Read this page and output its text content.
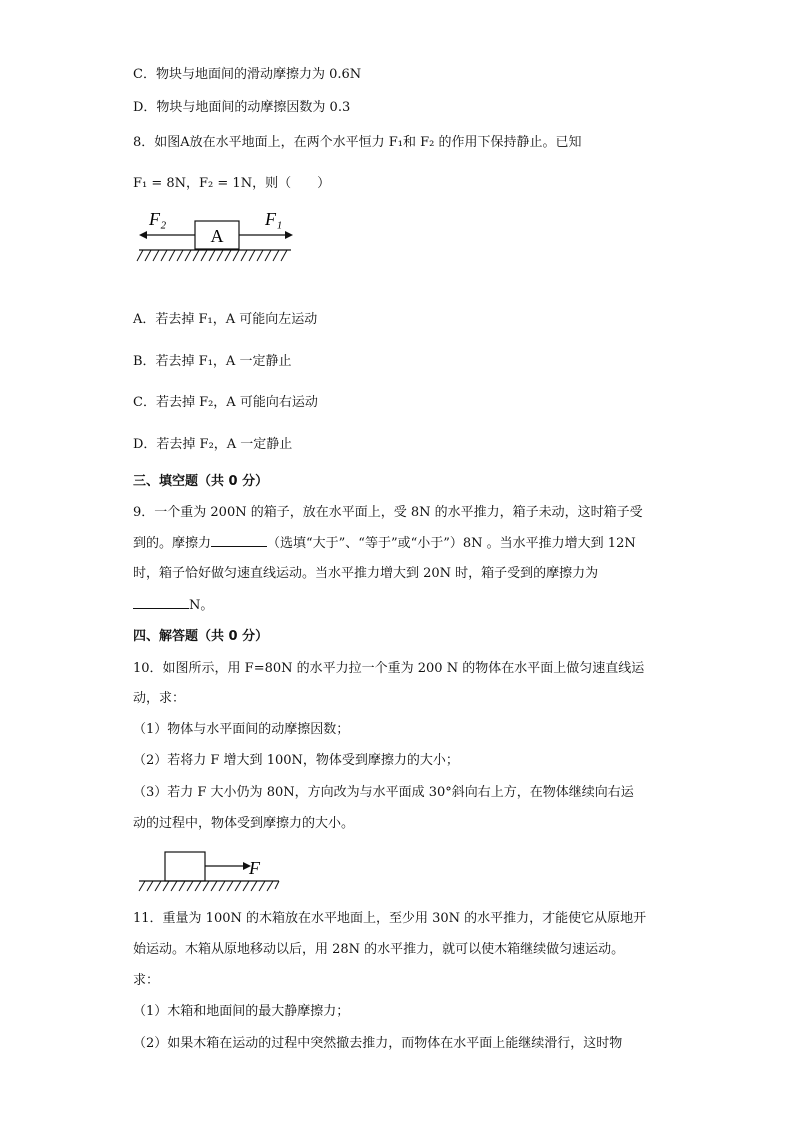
C．物块与地面间的滑动摩擦力为 0.6N
D．物块与地面间的动摩擦因数为 0.3
8．如图A放在水平地面上，在两个水平恒力 F₁和 F₂ 的作用下保持静止。已知
F₁ = 8N，F₂ = 1N，则（　　）
A
F₂	F₁
A．若去掉 F₁，A 可能向左运动
B．若去掉 F₁，A 一定静止
C．若去掉 F₂，A 可能向右运动
D．若去掉 F₂，A 一定静止
三、填空题（共 0 分）
9．一个重为 200N 的箱子，放在水平面上，受 8N 的水平推力，箱子未动，这时箱子受
到的。摩擦力	（选填“大于”、“等于”或“小于”）8N 。当水平推力增大到 12N
时，箱子恰好做匀速直线运动。当水平推力增大到 20N 时，箱子受到的摩擦力为
N。
四、解答题（共 0 分）
10．如图所示，用 F=80N 的水平力拉一个重为 200 N 的物体在水平面上做匀速直线运
动，求：
（1）物体与水平面间的动摩擦因数；
（2）若将力 F 增大到 100N，物体受到摩擦力的大小；
（3）若力 F 大小仍为 80N，方向改为与水平面成 30°斜向右上方，在物体继续向右运
动的过程中，物体受到摩擦力的大小。
F
11．重量为 100N 的木箱放在水平地面上，至少用 30N 的水平推力，才能使它从原地开
始运动。木箱从原地移动以后，用 28N 的水平推力，就可以使木箱继续做匀速运动。
求：
（1）木箱和地面间的最大静摩擦力；
（2）如果木箱在运动的过程中突然撤去推力，而物体在水平面上能继续滑行，这时物
